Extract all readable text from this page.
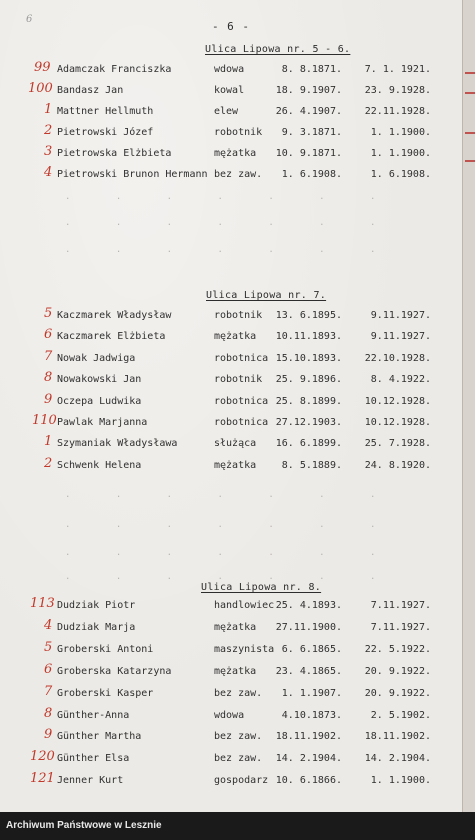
6
- 6 -
Ulica Lipowa nr. 5 - 6.
99 Adamczak Franciszka	wdowa	8. 8.1871.	7. 1. 1921.
100 Bandasz Jan	kowal	18. 9.1907.	23. 9.1928.
1 Mattner Hellmuth	elew	26. 4.1907.	22.11.1928.
2 Pietrowski Józef	robotnik	9. 3.1871.	1. 1.1900.
3 Pietrowska Elżbieta	mężatka	10. 9.1871.	1. 1.1900.
4 Pietrowski Brunon Hermann bez zaw.	1. 6.1908.	1. 6.1908.
. . . . . . .
. . . . . . .
. . . . . . .
Ulica Lipowa nr. 7.
5 Kaczmarek Władysław	robotnik	13. 6.1895.	9.11.1927.
6 Kaczmarek Elżbieta	mężatka	10.11.1893.	9.11.1927.
7 Nowak Jadwiga	robotnica 15.10.1893.	22.10.1928.
8 Nowakowski Jan	robotnik	25. 9.1896.	8. 4.1922.
9 Oczepa Ludwika	robotnica 25. 8.1899.	10.12.1928.
110 Pawlak Marjanna	robotnica 27.12.1903.	10.12.1928.
1 Szymaniak Władysława	służąca	16. 6.1899.	25. 7.1928.
2 Schwenk Helena	mężatka	8. 5.1889.	24. 8.1920.
. . . . . . .
. . . . . . .
. . . . . . .
. . . . . . .
Ulica Lipowa nr. 8.
113 Dudziak Piotr	handlowiec 25. 4.1893.	7.11.1927.
4 Dudziak Marja	mężatka	27.11.1900.	7.11.1927.
5 Groberski Antoni	maszynista 6. 6.1865.	22. 5.1922.
6 Groberska Katarzyna	mężatka	23. 4.1865.	20. 9.1922.
7 Groberski Kasper	bez zaw.	1. 1.1907.	20. 9.1922.
8 Günther-Anna	wdowa	4.10.1873.	2. 5.1902.
9 Günther Martha	bez zaw.	18.11.1902.	18.11.1902.
120 Günther Elsa	bez zaw.	14. 2.1904.	14. 2.1904.
121 Jenner Kurt	gospodarz 10. 6.1866.	1. 1.1900.
Archiwum Państwowe w Lesznie
